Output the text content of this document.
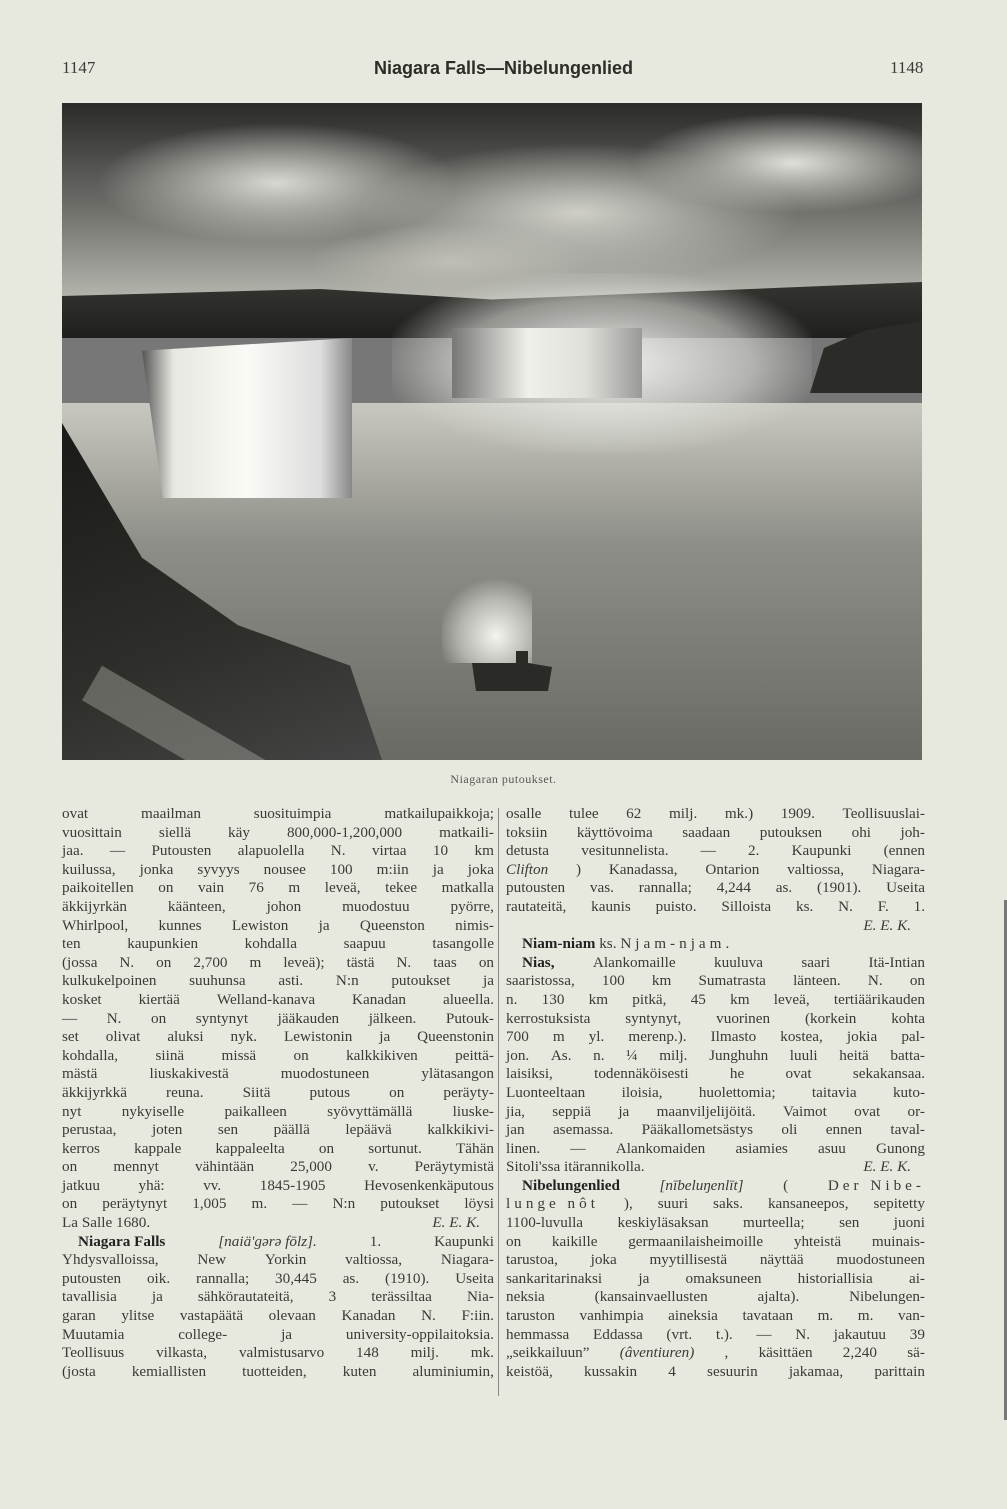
1147	Niagara Falls—Nibelungenlied	1148
Niagaran putoukset.
ovat	maailman	suosituimpia	matkailupaikkoja;
vuosittain siellä käy 800,000-1,200,000 matkaili-
jaa. — Putousten alapuolella N. virtaa 10 km
kuilussa, jonka syvyys nousee 100 m:iin ja joka
paikoitellen on vain 76 m leveä, tekee matkalla
äkkijyrkän	käänteen,	johon	muodostuu	pyörre,
Whirlpool, kunnes Lewiston ja Queenston nimis-
ten	kaupunkien	kohdalla	saapuu	tasangolle
(jossa N. on 2,700 m leveä); tästä N. taas on
kulkukelpoinen suuhunsa asti. N:n putoukset ja
kosket kiertää Welland-kanava Kanadan alueella.
— N. on syntynyt jääkauden jälkeen. Putouk-
set olivat aluksi nyk. Lewistonin ja Queenstonin
kohdalla, siinä missä on kalkkikiven peittä-
mästä	liuskakivestä	muodostuneen	ylätasangon
äkkijyrkkä	reuna.	Siitä	putous	on	peräyty-
nyt	nykyiselle	paikalleen	syövyttämällä	liuske-
perustaa, joten sen päällä lepäävä kalkkikivi-
kerros kappale kappaleelta on sortunut. Tähän
on mennyt vähintään 25,000 v. Peräytymistä
jatkuu	yhä:	vv.	1845-1905	Hevosenkenkäputous
on peräytynyt 1,005 m. — N:n putoukset löysi
La Salle 1680.	E. E. K.
Niagara Falls	[naiä'gərə fōlz].	1.	Kaupunki
Yhdysvalloissa,	New	Yorkin	valtiossa,	Niagara-
putousten oik. rannalla; 30,445 as. (1910). Useita
tavallisia ja sähkörautateitä, 3 terässiltaa Nia-
garan ylitse vastapäätä olevaan Kanadan N. F:iin.
Muutamia	college-	ja	university-oppilaitoksia.
Teollisuus vilkasta, valmistusarvo 148 milj. mk.
(josta kemiallisten tuotteiden, kuten aluminiumin,
osalle tulee 62 milj. mk.) 1909. Teollisuuslai-
toksiin käyttövoima saadaan putouksen ohi joh-
detusta vesitunnelista. — 2. Kaupunki (ennen
Clifton ) Kanadassa, Ontarion valtiossa, Niagara-
putousten vas. rannalla; 4,244 as. (1901). Useita
rautateitä, kaunis puisto. Silloista ks. N. F. 1.
E. E. K.
Niam-niam
ks.
Njam-njam .
Nias,	Alankomaille	kuuluva	saari	Itä-Intian
saaristossa, 100 km Sumatrasta länteen. N. on
n. 130 km pitkä, 45 km leveä, tertiäärikauden
kerrostuksista syntynyt, vuorinen (korkein kohta
700 m yl. merenp.). Ilmasto kostea, jokia pal-
jon. As. n. ¼ milj. Junghuhn luuli heitä batta-
laisiksi,	todennäköisesti	he	ovat	sekakansaa.
Luonteeltaan iloisia, huolettomia; taitavia kuto-
jia, seppiä ja maanviljelijöitä. Vaimot ovat or-
jan asemassa. Pääkallometsästys oli ennen taval-
linen. — Alankomaiden asiamies asuu Gunong
Sitoli'ssa itärannikolla.	E. E. K.
Nibelungenlied	[nībeluŋenlīt]	(	Der Nibe-
lunge nôt ), suuri saks. kansaneepos, sepitetty
1100-luvulla keskiyläsaksan murteella; sen juoni
on kaikille germaanilaisheimoille yhteistä muinais-
tarustoa, joka myytillisestä näyttää muodostuneen
sankaritarinaksi ja omaksuneen historiallisia ai-
neksia	(kansainvaellusten	ajalta).	Nibelungen-
taruston vanhimpia aineksia tavataan m. m. van-
hemmassa Eddassa (vrt. t.). — N. jakautuu 39
„seikkailuun” (âventiuren) , käsittäen 2,240 sä-
keistöä, kussakin 4 sesuurin jakamaa, parittain
